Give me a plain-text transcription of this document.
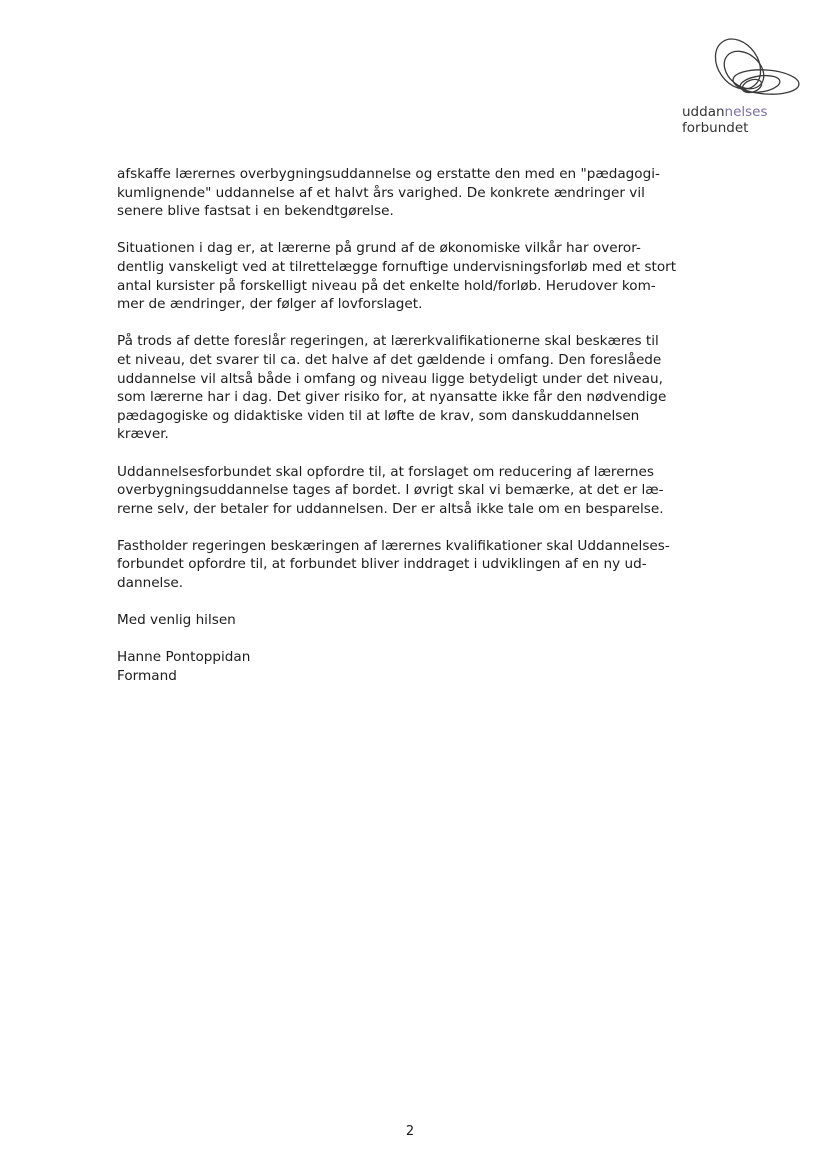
uddannelses
forbundet

afskaffe lærernes overbygningsuddannelse og erstatte den med en "pædagogi-
kumlignende" uddannelse af et halvt års varighed. De konkrete ændringer vil
senere blive fastsat i en bekendtgørelse.

Situationen i dag er, at lærerne på grund af de økonomiske vilkår har overor-
dentlig vanskeligt ved at tilrettelægge fornuftige undervisningsforløb med et stort
antal kursister på forskelligt niveau på det enkelte hold/forløb. Herudover kom-
mer de ændringer, der følger af lovforslaget.

På trods af dette foreslår regeringen, at lærerkvalifikationerne skal beskæres til
et niveau, det svarer til ca. det halve af det gældende i omfang. Den foreslåede
uddannelse vil altså både i omfang og niveau ligge betydeligt under det niveau,
som lærerne har i dag. Det giver risiko for, at nyansatte ikke får den nødvendige
pædagogiske og didaktiske viden til at løfte de krav, som danskuddannelsen
kræver.

Uddannelsesforbundet skal opfordre til, at forslaget om reducering af lærernes
overbygningsuddannelse tages af bordet. I øvrigt skal vi bemærke, at det er læ-
rerne selv, der betaler for uddannelsen. Der er altså ikke tale om en besparelse.

Fastholder regeringen beskæringen af lærernes kvalifikationer skal Uddannelses-
forbundet opfordre til, at forbundet bliver inddraget i udviklingen af en ny ud-
dannelse.

Med venlig hilsen

Hanne Pontoppidan

Formand

2
